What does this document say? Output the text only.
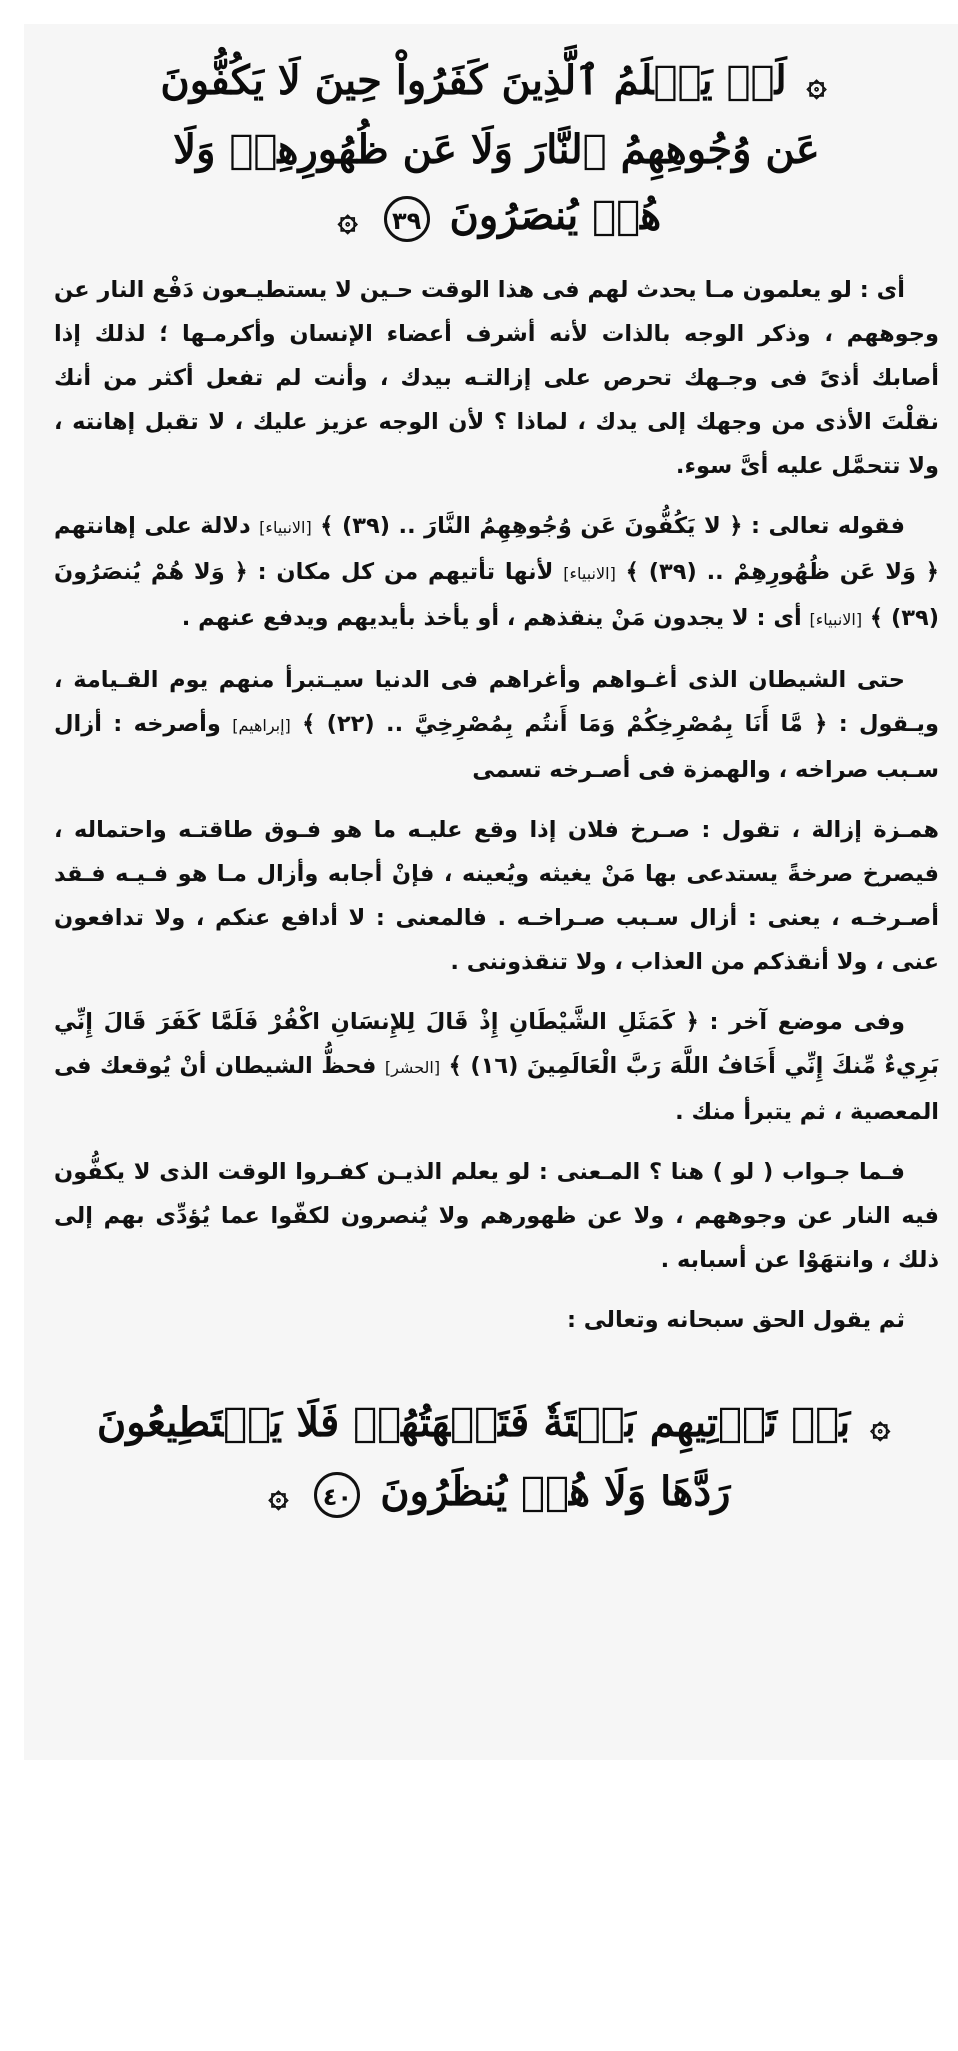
۞ لَوۡ يَعۡلَمُ ٱلَّذِينَ كَفَرُواْ حِينَ لَا يَكُفُّونَ
عَن وُجُوهِهِمُ ٱلنَّارَ وَلَا عَن ظُهُورِهِمۡ وَلَا
هُمۡ يُنصَرُونَ ٣٩ ۞

أى : لو يعلمون مـا يحدث لهم فى هذا الوقت حـين لا يستطيـعون دَفْع النار عن وجوههم ، وذكر الوجه بالذات لأنه أشرف أعضاء الإنسان وأكرمـها ؛ لذلك إذا أصابك أذىً فى وجـهك تحرص على إزالتـه بيدك ، وأنت لم تفعل أكثر من أنك نقلْتَ الأذى من وجهك إلى يدك ، لماذا ؟ لأن الوجه عزيز عليك ، لا تقبل إهانته ، ولا تتحمَّل عليه أىَّ سوء.

فقوله تعالى : ﴿ لا يَكُفُّونَ عَن وُجُوهِهِمُ النَّارَ .. (٣٩) ﴾ [الانبياء] دلالة على إهانتهم ﴿ وَلا عَن ظُهُورِهِمْ .. (٣٩) ﴾ [الانبياء] لأنها تأتيهم من كل مكان : ﴿ وَلا هُمْ يُنصَرُونَ (٣٩) ﴾ [الانبياء] أى : لا يجدون مَنْ ينقذهم ، أو يأخذ بأيديهم ويدفع عنهم .

حتى الشيطان الذى أغـواهم وأغراهم فى الدنيا سيـتبرأ منهم يوم القـيامة ، ويـقول : ﴿ مَّا أَنَا بِمُصْرِخِكُمْ وَمَا أَنتُم بِمُصْرِخِيَّ .. (٢٢) ﴾ [إبراهيم] وأصرخه : أزال سـبب صراخه ، والهمزة فى أصـرخه تسمى

همـزة إزالة ، تقول : صـرخ فلان إذا وقع عليـه ما هو فـوق طاقتـه واحتماله ، فيصرخ صرخةً يستدعى بها مَنْ يغيثه ويُعينه ، فإنْ أجابه وأزال مـا هو فـيـه فـقد أصـرخـه ، يعنى : أزال سـبب صـراخـه . فالمعنى : لا أدافع عنكم ، ولا تدافعون عنى ، ولا أنقذكم من العذاب ، ولا تنقذوننى .

وفى موضع آخر : ﴿ كَمَثَلِ الشَّيْطَانِ إِذْ قَالَ لِلإِنسَانِ اكْفُرْ فَلَمَّا كَفَرَ قَالَ إِنِّي بَرِيءٌ مِّنكَ إِنِّي أَخَافُ اللَّهَ رَبَّ الْعَالَمِينَ (١٦) ﴾ [الحشر] فحظُّ الشيطان أنْ يُوقعك فى المعصية ، ثم يتبرأ منك .

فـما جـواب ( لو ) هنا ؟ المـعنى : لو يعلم الذيـن كفـروا الوقت الذى لا يكفُّون فيه النار عن وجوههم ، ولا عن ظهورهم ولا يُنصرون لكفّوا عما يُؤدِّى بهم إلى ذلك ، وانتهَوْا عن أسبابه .

ثم يقول الحق سبحانه وتعالى :

۞ بَلۡ تَأۡتِيهِم بَغۡتَةٗ فَتَبۡهَتُهُمۡ فَلَا يَسۡتَطِيعُونَ
رَدَّهَا وَلَا هُمۡ يُنظَرُونَ ٤٠ ۞
